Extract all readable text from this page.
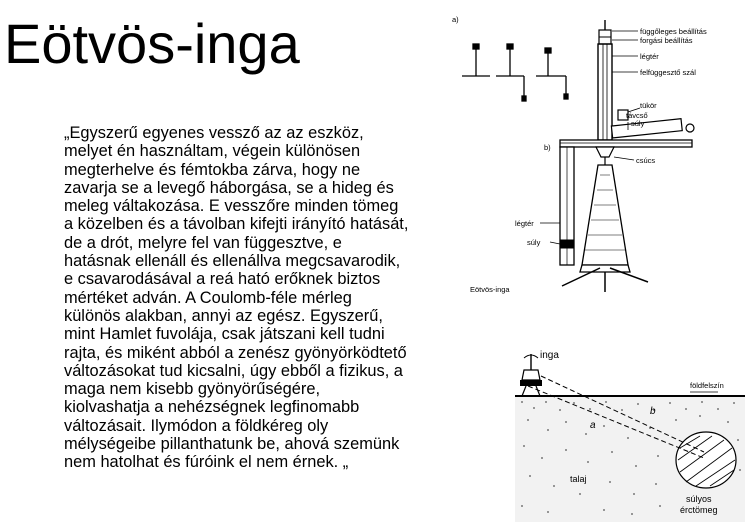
Eötvös-inga
„Egyszerű egyenes vessző az az eszköz, melyet én használtam, végein különösen megterhelve és fémtokba zárva, hogy ne zavarja se a levegő háborgása, se a hideg és meleg váltakozása. E vesszőre minden tömeg a közelben és a távolban kifejti irányító hatását, de a drót, melyre fel van függesztve, e hatásnak ellenáll és ellenállva megcsavarodik, e csavarodásával a reá ható erőknek biztos mértéket adván. A Coulomb-féle mérleg különös alakban, annyi az egész. Egyszerű, mint Hamlet fuvolája, csak játszani kell tudni rajta, és miként abból a zenész gyönyörködtető változásokat tud kicsalni, úgy ebből a fizikus, a maga nem kisebb gyönyörűségére, kiolvashatja a nehézségnek legfinomabb változásait. Ilymódon a földkéreg oly mélységeibe pillanthatunk be, ahová szemünk nem hatolhat és fúróink el nem érnek. „
a)
függőleges beállítás
forgási beállítás
légtér
felfüggesztő szál
tükör
távcső
súly
b)
csúcs
légtér
súly
Eötvös-inga
inga
földfelszín
a
b
talaj
súlyos
érctömeg
